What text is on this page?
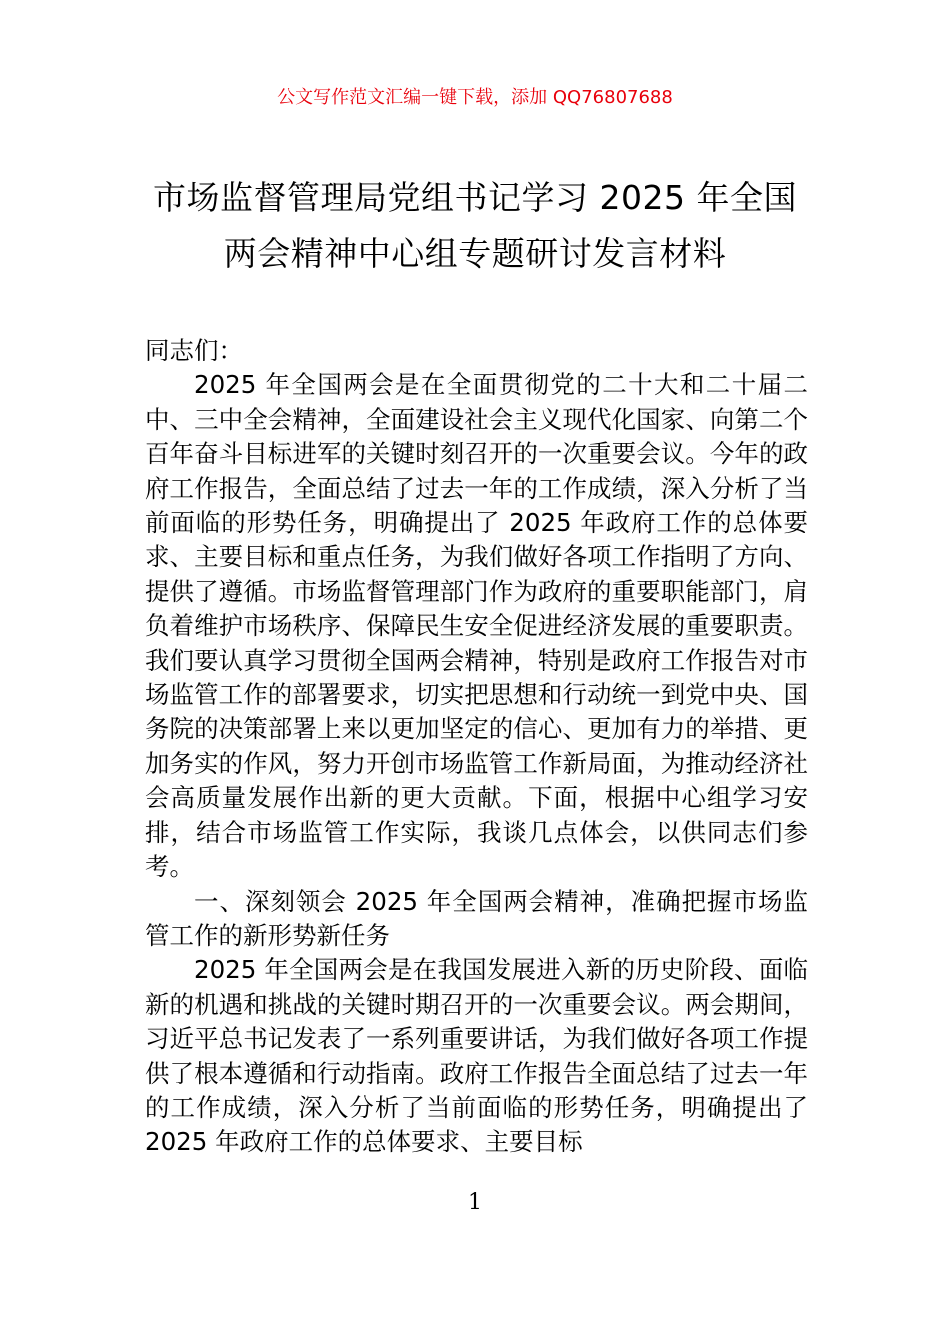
公文写作范文汇编一键下载，添加 QQ76807688
市场监督管理局党组书记学习 2025 年全国
两会精神中心组专题研讨发言材料

同志们：

2025 年全国两会是在全面贯彻党的二十大和二十届二中、三中全会精神，全面建设社会主义现代化国家、向第二个百年奋斗目标进军的关键时刻召开的一次重要会议。今年的政府工作报告，全面总结了过去一年的工作成绩，深入分析了当前面临的形势任务，明确提出了 2025 年政府工作的总体要求、主要目标和重点任务，为我们做好各项工作指明了方向、提供了遵循。市场监督管理部门作为政府的重要职能部门，肩负着维护市场秩序、保障民生安全促进经济发展的重要职责。我们要认真学习贯彻全国两会精神，特别是政府工作报告对市场监管工作的部署要求，切实把思想和行动统一到党中央、国务院的决策部署上来以更加坚定的信心、更加有力的举措、更加务实的作风，努力开创市场监管工作新局面，为推动经济社会高质量发展作出新的更大贡献。下面，根据中心组学习安排，结合市场监管工作实际，我谈几点体会，以供同志们参考。

一、深刻领会 2025 年全国两会精神，准确把握市场监管工作的新形势新任务

2025 年全国两会是在我国发展进入新的历史阶段、面临新的机遇和挑战的关键时期召开的一次重要会议。两会期间，习近平总书记发表了一系列重要讲话，为我们做好各项工作提供了根本遵循和行动指南。政府工作报告全面总结了过去一年的工作成绩，深入分析了当前面临的形势任务，明确提出了 2025 年政府工作的总体要求、主要目标

1
